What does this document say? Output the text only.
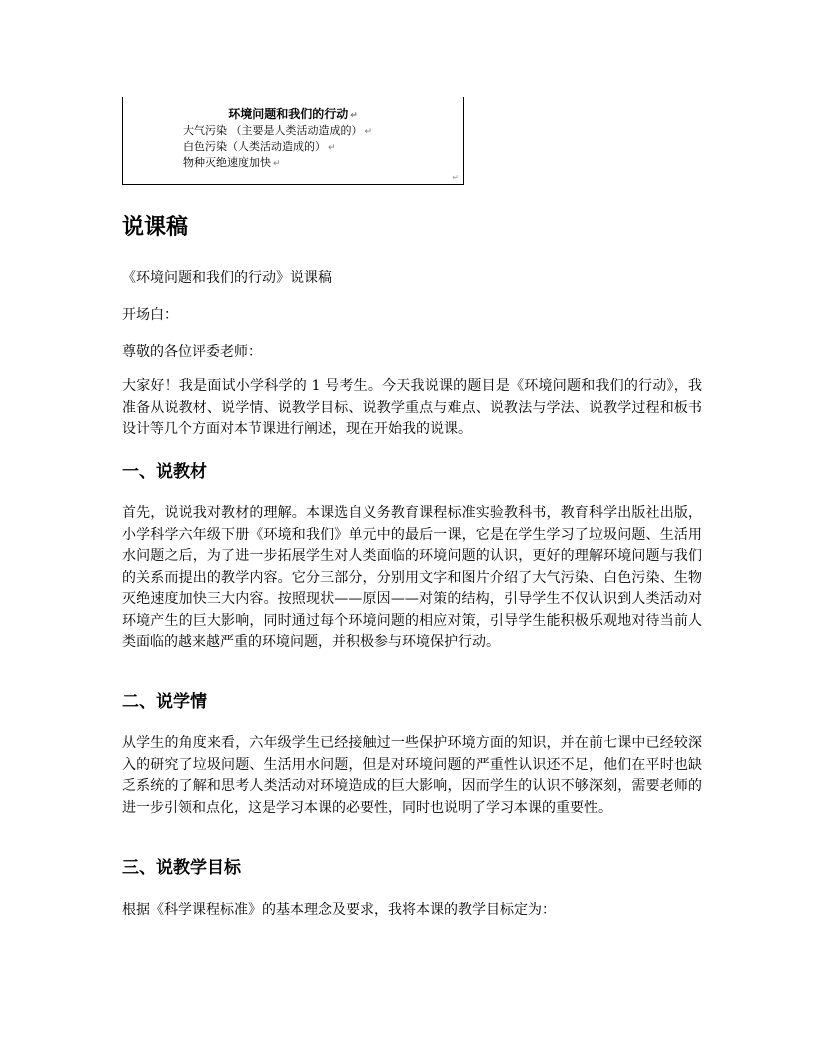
环境问题和我们的行动 ↵
大气污染 （主要是人类活动造成的） ↵
白色污染（人类活动造成的） ↵
物种灭绝速度加快 ↵
↵
说课稿

《环境问题和我们的行动》说课稿

开场白：

尊敬的各位评委老师：

大家好！我是面试小学科学的 1 号考生。今天我说课的题目是《环境问题和我们的行动》，我准备从说教材、说学情、说教学目标、说教学重点与难点、说教法与学法、说教学过程和板书设计等几个方面对本节课进行阐述，现在开始我的说课。

一、说教材

首先，说说我对教材的理解。本课选自义务教育课程标准实验教科书，教育科学出版社出版，小学科学六年级下册《环境和我们》单元中的最后一课，它是在学生学习了垃圾问题、生活用水问题之后，为了进一步拓展学生对人类面临的环境问题的认识，更好的理解环境问题与我们的关系而提出的教学内容。它分三部分，分别用文字和图片介绍了大气污染、白色污染、生物灭绝速度加快三大内容。按照现状——原因——对策的结构，引导学生不仅认识到人类活动对环境产生的巨大影响，同时通过每个环境问题的相应对策，引导学生能积极乐观地对待当前人类面临的越来越严重的环境问题，并积极参与环境保护行动。

二、说学情

从学生的角度来看，六年级学生已经接触过一些保护环境方面的知识，并在前七课中已经较深入的研究了垃圾问题、生活用水问题，但是对环境问题的严重性认识还不足，他们在平时也缺乏系统的了解和思考人类活动对环境造成的巨大影响，因而学生的认识不够深刻，需要老师的进一步引领和点化，这是学习本课的必要性，同时也说明了学习本课的重要性。

三、说教学目标

根据《科学课程标准》的基本理念及要求，我将本课的教学目标定为：
